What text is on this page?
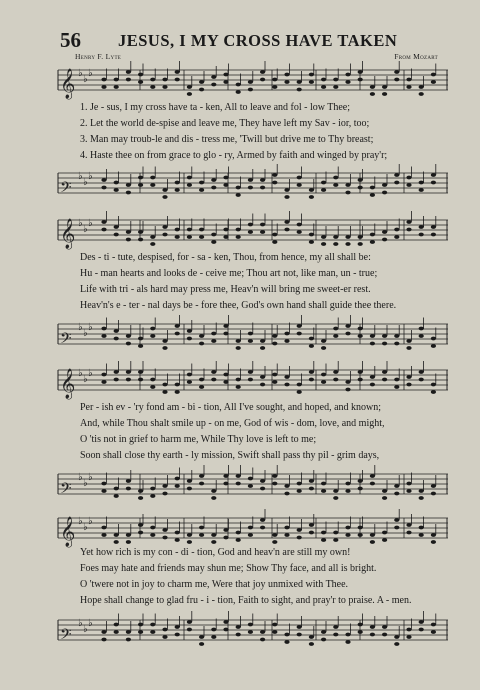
56 JESUS, I MY CROSS HAVE TAKEN
Henry F. Lyte	From Mozart
𝄞 ♭
♭
♭
1. Je - sus, I my cross have ta - ken, All to leave and fol - low Thee;
2. Let the world de-spise and leave me, They have left my Sav - ior, too;
3. Man may troub-le and dis - tress me, 'Twill but drive me to Thy breast;
4. Haste thee on from grace to glo - ry, Armed by faith and winged by pray'r;
𝄢
♭
♭
♭
𝄞 ♭
♭
♭
Des - ti - tute, despised, for - sa - ken, Thou, from hence, my all shall be:
Hu - man hearts and looks de - ceive me; Thou art not, like man, un - true;
Life with tri - als hard may press me, Heav'n will bring me sweet-er rest.
Heav'n's e - ter - nal days be - fore thee, God's own hand shall guide thee there.
𝄢
♭
♭
♭
𝄞 ♭
♭
♭
Per - ish ev - 'ry fond am - bi - tion, All I've sought, and hoped, and known;
And, while Thou shalt smile up - on me, God of wis - dom, love, and might,
O 'tis not in grief to harm me, While Thy love is left to me;
Soon shall close thy earth - ly mission, Swift shall pass thy pil - grim days,
𝄢
♭
♭
♭
𝄞 ♭
♭
♭
Yet how rich is my con - di - tion, God and heav'n are still my own!
Foes may hate and friends may shun me; Show Thy face, and all is bright.
O 'twere not in joy to charm me, Were that joy unmixed with Thee.
Hope shall change to glad fru - i - tion, Faith to sight, and pray'r to praise. A - men.
𝄢
♭
♭
♭
